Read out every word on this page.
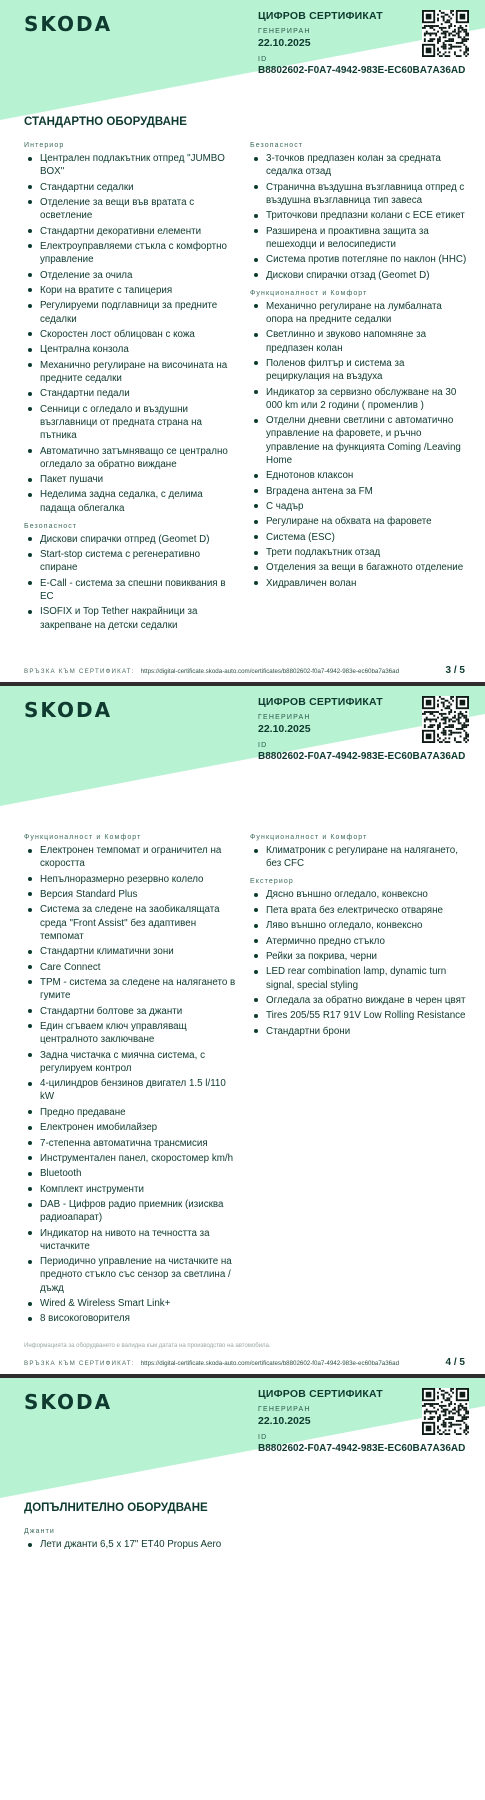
SKODA	ЦИФРОВ СЕРТИФИКАТ
ГЕНЕРИРАН
22.10.2025
ID
B8802602-F0A7-4942-983E-EC60BA7A36AD
СТАНДАРТНО ОБОРУДВАНЕ
Интериор
Централен подлакътник отпред "JUMBO BOX"
Стандартни седалки
Отделение за вещи във вратата с осветление
Стандартни декоративни елементи
Електроуправляеми стъкла с комфортно управление
Отделение за очила
Кори на вратите с тапицерия
Регулируеми подглавници за предните седалки
Скоростен лост облицован с кожа
Централна конзола
Механично регулиране на височината на предните седалки
Стандартни педали
Сенници с огледало и въздушни възглавници от предната страна на пътника
Автоматично затъмняващо се централно огледало за обратно виждане
Пакет пушачи
Неделима задна седалка, с делима падаща облегалка
Безопасност
Дискови спирачки отпред (Geomet D)
Start-stop система с регенеративно спиране
E-Call - система за спешни повиквания в ЕС
ISOFIX и Top Tether накрайници за закрепване на детски седалки
Безопасност
3-точков предпазен колан за средната седалка отзад
Странична въздушна възглавница отпред с въздушна възглавница тип завеса
Триточкови предпазни колани с ECE етикет
Разширена и проактивна защита за пешеходци и велосипедисти
Система против потегляне по наклон (HHC)
Дискови спирачки отзад (Geomet D)
Функционалност и Комфорт
Механично регулиране на лумбалната опора на предните седалки
Светлинно и звуково напомняне за предпазен колан
Поленов филтър и система за рециркулация на въздуха
Индикатор за сервизно обслужване на 30 000 km или 2 години ( променлив )
Отделни дневни светлини с автоматично управление на фаровете, и ръчно управление на функцията Coming /Leaving Home
Еднотонов клаксон
Вградена антена за FM
С чадър
Регулиране на обхвата на фаровете
Система (ESC)
Трети подлакътник отзад
Отделения за вещи в багажното отделение
Хидравличен волан
ВРЪЗКА КЪМ СЕРТИФИКАТ: https://digital-certificate.skoda-auto.com/certificates/b8802602-f0a7-4942-983e-ec60ba7a36ad	3 / 5
SKODA	ЦИФРОВ СЕРТИФИКАТ
ГЕНЕРИРАН
22.10.2025
ID
B8802602-F0A7-4942-983E-EC60BA7A36AD
Функционалност и Комфорт
Електронен темпомат и ограничител на скоростта
Непълноразмерно резервно колело
Версия Standard Plus
Система за следене на заобикалящата среда "Front Assist" без адаптивен темпомат
Стандартни климатични зони
Care Connect
TPM - система за следене на налягането в гумите
Стандартни болтове за джанти
Един сгъваем ключ управляващ централното заключване
Задна чистачка с миячна система, с регулируем контрол
4-цилиндров бензинов двигател 1.5 l/110 kW
Предно предаване
Електронен имобилайзер
7-степенна автоматична трансмисия
Инструментален панел, скоростомер km/h
Bluetooth
Комплект инструменти
DAB - Цифров радио приемник (изисква радиоапарат)
Индикатор на нивото на течността за чистачките
Периодично управление на чистачките на предното стъкло със сензор за светлина / дъжд
Wired & Wireless Smart Link+
8 високоговорителя
Функционалност и Комфорт
Климатроник с регулиране на налягането, без CFC
Екстериор
Дясно външно огледало, конвексно
Пета врата без електрическо отваряне
Ляво външно огледало, конвексно
Атермично предно стъкло
Рейки за покрива, черни
LED rear combination lamp, dynamic turn signal, special styling
Огледала за обратно виждане в черен цвят
Tires 205/55 R17 91V Low Rolling Resistance
Стандартни брони
Информацията за оборудването е валидна към датата на производство на автомобила.
ВРЪЗКА КЪМ СЕРТИФИКАТ: https://digital-certificate.skoda-auto.com/certificates/b8802602-f0a7-4942-983e-ec60ba7a36ad	4 / 5
SKODA	ЦИФРОВ СЕРТИФИКАТ
ГЕНЕРИРАН
22.10.2025
ID
B8802602-F0A7-4942-983E-EC60BA7A36AD
ДОПЪЛНИТЕЛНО ОБОРУДВАНЕ
Джанти
Лети джанти 6,5 x 17" ET40 Propus Aero
